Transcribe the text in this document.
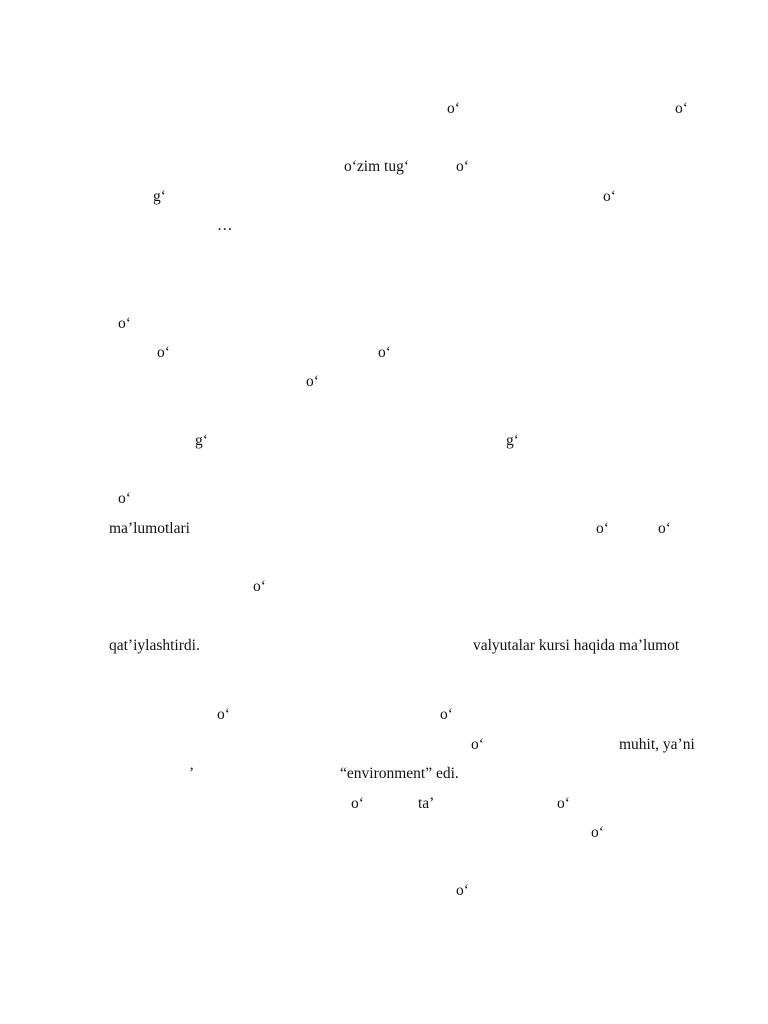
o‘	o‘
o‘zim tug‘	o‘
g‘	o‘
…
o‘
o‘	o‘
o‘
g‘	g‘
o‘
ma’lumotlari	o‘	o‘
o‘
qat’iylashtirdi.	valyutalar kursi haqida ma’lumot
o‘	o‘
o‘	muhit, ya’ni
’	“environment” edi.
o‘	ta’	o‘
o‘
o‘
